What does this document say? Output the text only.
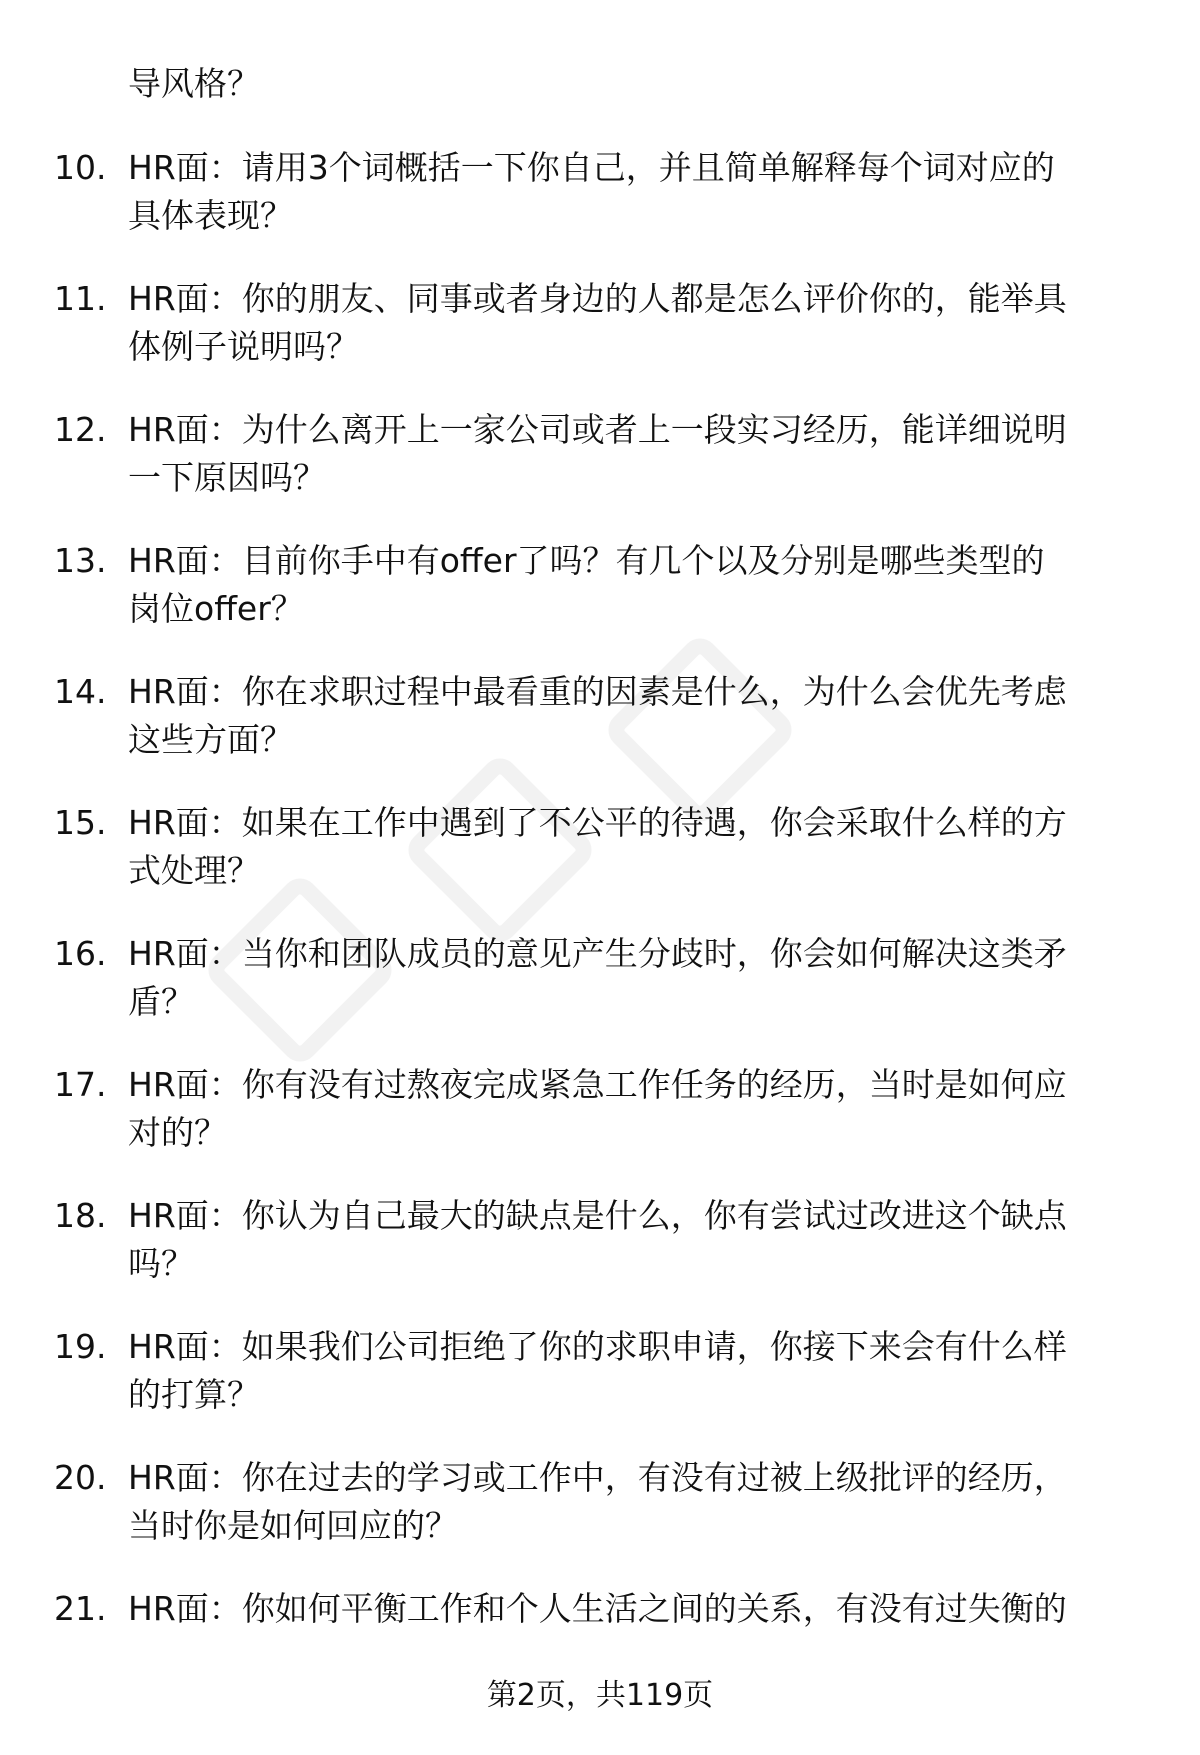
导风格？

10. HR面：请用3个词概括一下你自己，并且简单解释每个词对应的
具体表现？

11. HR面：你的朋友、同事或者身边的人都是怎么评价你的，能举具
体例子说明吗？

12. HR面：为什么离开上一家公司或者上一段实习经历，能详细说明
一下原因吗？

13. HR面：目前你手中有offer了吗？有几个以及分别是哪些类型的
岗位offer？

14. HR面：你在求职过程中最看重的因素是什么，为什么会优先考虑
这些方面？

15. HR面：如果在工作中遇到了不公平的待遇，你会采取什么样的方
式处理？

16. HR面：当你和团队成员的意见产生分歧时，你会如何解决这类矛
盾？

17. HR面：你有没有过熬夜完成紧急工作任务的经历，当时是如何应
对的？

18. HR面：你认为自己最大的缺点是什么，你有尝试过改进这个缺点
吗？

19. HR面：如果我们公司拒绝了你的求职申请，你接下来会有什么样
的打算？

20. HR面：你在过去的学习或工作中，有没有过被上级批评的经历，
当时你是如何回应的？

21. HR面：你如何平衡工作和个人生活之间的关系，有没有过失衡的

第2页，共119页
